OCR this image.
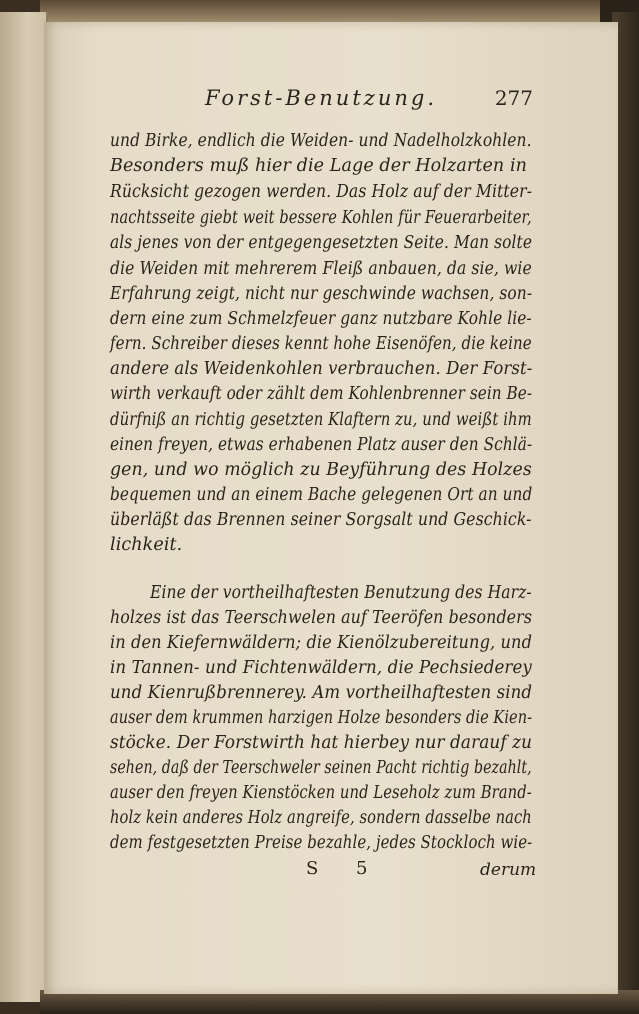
Forst-Benutzung.	277
und Birke, endlich die Weiden- und Nadelholzkohlen.
Besonders muß hier die Lage der Holzarten in
Rücksicht gezogen werden. Das Holz auf der Mitter-
nachtsseite giebt weit bessere Kohlen für Feuerarbeiter,
als jenes von der entgegengesetzten Seite. Man solte
die Weiden mit mehrerem Fleiß anbauen, da sie, wie
Erfahrung zeigt, nicht nur geschwinde wachsen, son-
dern eine zum Schmelzfeuer ganz nutzbare Kohle lie-
fern. Schreiber dieses kennt hohe Eisenöfen, die keine
andere als Weidenkohlen verbrauchen. Der Forst-
wirth verkauft oder zählt dem Kohlenbrenner sein Be-
dürfniß an richtig gesetzten Klaftern zu, und weißt ihm
einen freyen, etwas erhabenen Platz auser den Schlä-
gen, und wo möglich zu Beyführung des Holzes
bequemen und an einem Bache gelegenen Ort an und
überläßt das Brennen seiner Sorgsalt und Geschick-
lichkeit.
Eine der vortheilhaftesten Benutzung des Harz-
holzes ist das Teerschwelen auf Teeröfen besonders
in den Kiefernwäldern; die Kienölzubereitung, und
in Tannen- und Fichtenwäldern, die Pechsiederey
und Kienrußbrennerey. Am vortheilhaftesten sind
auser dem krummen harzigen Holze besonders die Kien-
stöcke. Der Forstwirth hat hierbey nur darauf zu
sehen, daß der Teerschweler seinen Pacht richtig bezahlt,
auser den freyen Kienstöcken und Leseholz zum Brand-
holz kein anderes Holz angreife, sondern dasselbe nach
dem festgesetzten Preise bezahle, jedes Stockloch wie-
S 5	derum
